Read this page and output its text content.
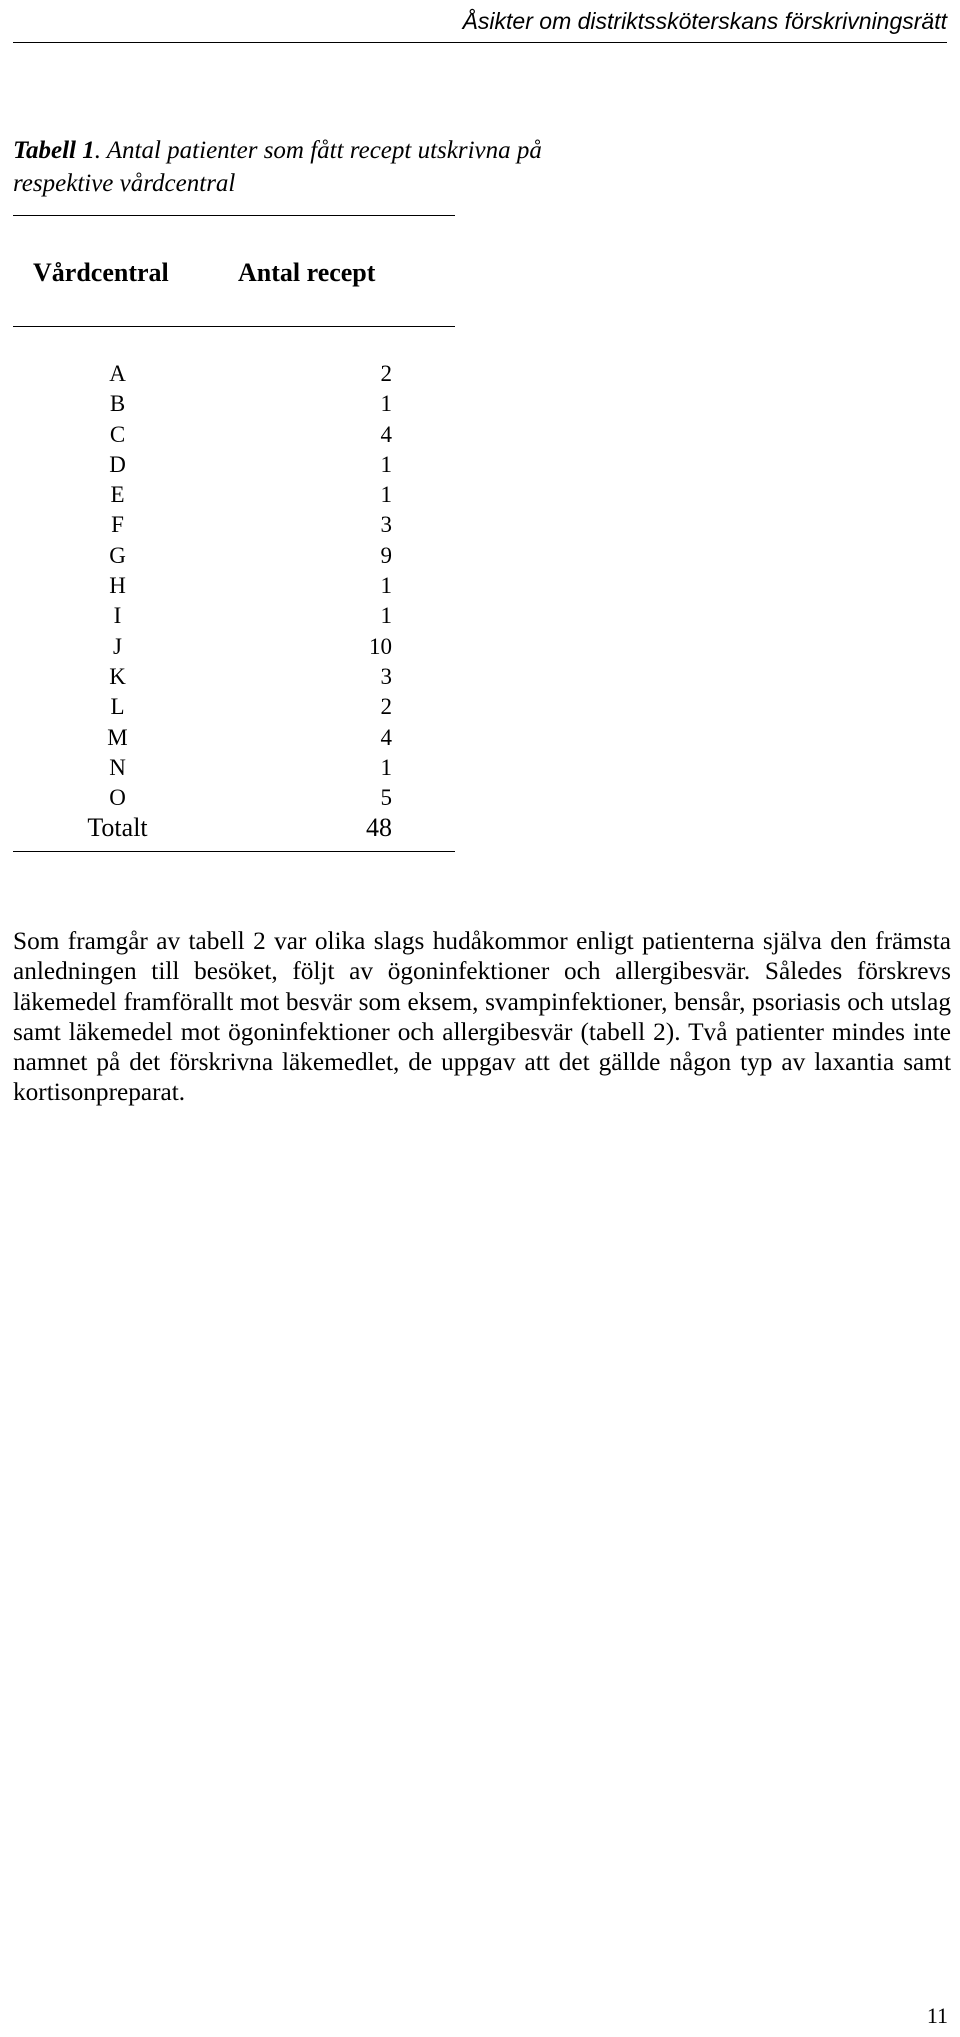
Åsikter om distriktssköterskans förskrivningsrätt
Tabell 1. Antal patienter som fått recept utskrivna på respektive vårdcentral
Vårdcentral	Antal recept
A	2
B	1
C	4
D	1
E	1
F	3
G	9
H	1
I	1
J	10
K	3
L	2
M	4
N	1
O	5
Totalt	48

Som framgår av tabell 2 var olika slags hudåkommor enligt patienterna själva den främsta anledningen till besöket, följt av ögoninfektioner och allergibesvär. Således förskrevs läkemedel framförallt mot besvär som eksem, svampinfektioner, bensår, psoriasis och utslag samt läkemedel mot ögoninfektioner och allergibesvär (tabell 2). Två patienter mindes inte namnet på det förskrivna läkemedlet, de uppgav att det gällde någon typ av laxantia samt kortisonpreparat.

11
